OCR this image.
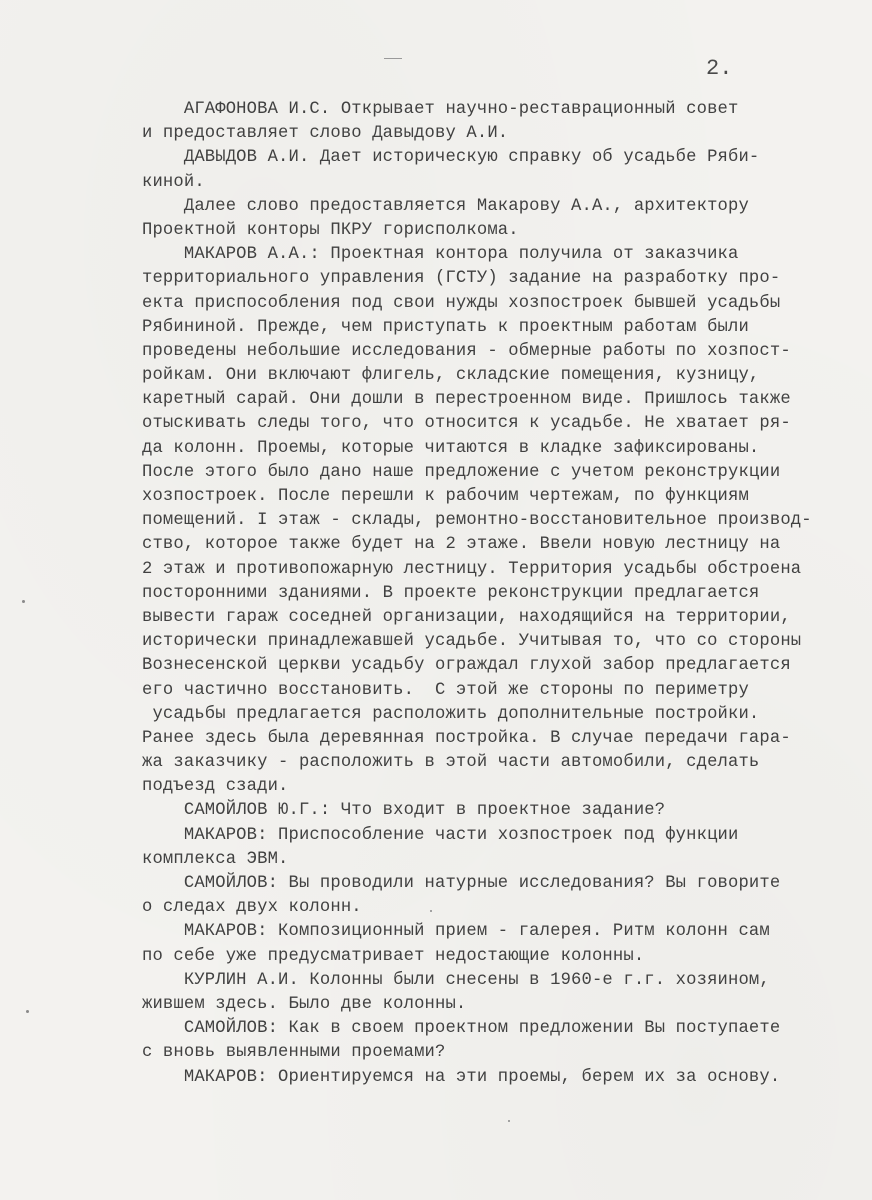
2.
АГАФОНОВА И.С. Открывает научно-реставрационный совет
и предоставляет слово Давыдову А.И.
ДАВЫДОВ А.И. Дает историческую справку об усадьбе Ряби-
киной.
Далее слово предоставляется Макарову А.А., архитектору
Проектной конторы ПКРУ горисполкома.
МАКАРОВ А.А.: Проектная контора получила от заказчика
территориального управления (ГСТУ) задание на разработку про-
екта приспособления под свои нужды хозпостроек бывшей усадьбы
Рябининой. Прежде, чем приступать к проектным работам были
проведены небольшие исследования - обмерные работы по хозпост-
ройкам. Они включают флигель, складские помещения, кузницу,
каретный сарай. Они дошли в перестроенном виде. Пришлось также
отыскивать следы того, что относится к усадьбе. Не хватает ря-
да колонн. Проемы, которые читаются в кладке зафиксированы.
После этого было дано наше предложение с учетом реконструкции
хозпостроек. После перешли к рабочим чертежам, по функциям
помещений. I этаж - склады, ремонтно-восстановительное производ-
ство, которое также будет на 2 этаже. Ввели новую лестницу на
2 этаж и противопожарную лестницу. Территория усадьбы обстроена
посторонними зданиями. В проекте реконструкции предлагается
вывести гараж соседней организации, находящийся на территории,
исторически принадлежавшей усадьбе. Учитывая то, что со стороны
Вознесенской церкви усадьбу ограждал глухой забор предлагается
его частично восстановить.  С этой же стороны по периметру
усадьбы предлагается расположить дополнительные постройки.
Ранее здесь была деревянная постройка. В случае передачи гара-
жа заказчику - расположить в этой части автомобили, сделать
подъезд сзади.
САМОЙЛОВ Ю.Г.: Что входит в проектное задание?
МАКАРОВ: Приспособление части хозпостроек под функции
комплекса ЭВМ.
САМОЙЛОВ: Вы проводили натурные исследования? Вы говорите
о следах двух колонн.
МАКАРОВ: Композиционный прием - галерея. Ритм колонн сам
по себе уже предусматривает недостающие колонны.
КУРЛИН А.И. Колонны были снесены в 1960-е г.г. хозяином,
жившем здесь. Было две колонны.
САМОЙЛОВ: Как в своем проектном предложении Вы поступаете
с вновь выявленными проемами?
МАКАРОВ: Ориентируемся на эти проемы, берем их за основу.
